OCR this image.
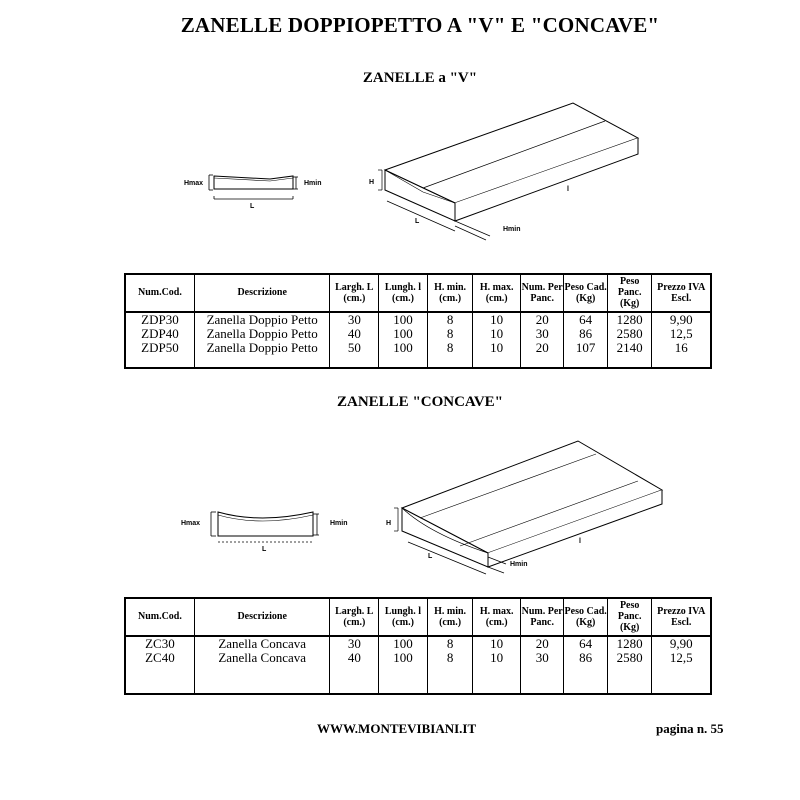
ZANELLE DOPPIOPETTO A "V" E "CONCAVE"
ZANELLE a "V"
Hmax	Hmin
L
H
L
l
Hmin
Num.Cod.	Descrizione	Largh. L (cm.)	Lungh. l (cm.)	H. min. (cm.)	H. max. (cm.)	Num. Per Panc.	Peso Cad. (Kg)	Peso Panc. (Kg)	Prezzo IVA Escl.
ZDP30	Zanella Doppio Petto	30	100	8	10	20	64	1280	9,90
ZDP40	Zanella Doppio Petto	40	100	8	10	30	86	2580	12,5
ZDP50	Zanella Doppio Petto	50	100	8	10	20	107	2140	16

ZANELLE "CONCAVE"
Hmax	Hmin
L
H
L
l
Hmin
Num.Cod.	Descrizione	Largh. L (cm.)	Lungh. l (cm.)	H. min. (cm.)	H. max. (cm.)	Num. Per Panc.	Peso Cad. (Kg)	Peso Panc. (Kg)	Prezzo IVA Escl.
ZC30	Zanella Concava	30	100	8	10	20	64	1280	9,90
ZC40	Zanella Concava	40	100	8	10	30	86	2580	12,5

WWW.MONTEVIBIANI.IT	pagina n. 55
